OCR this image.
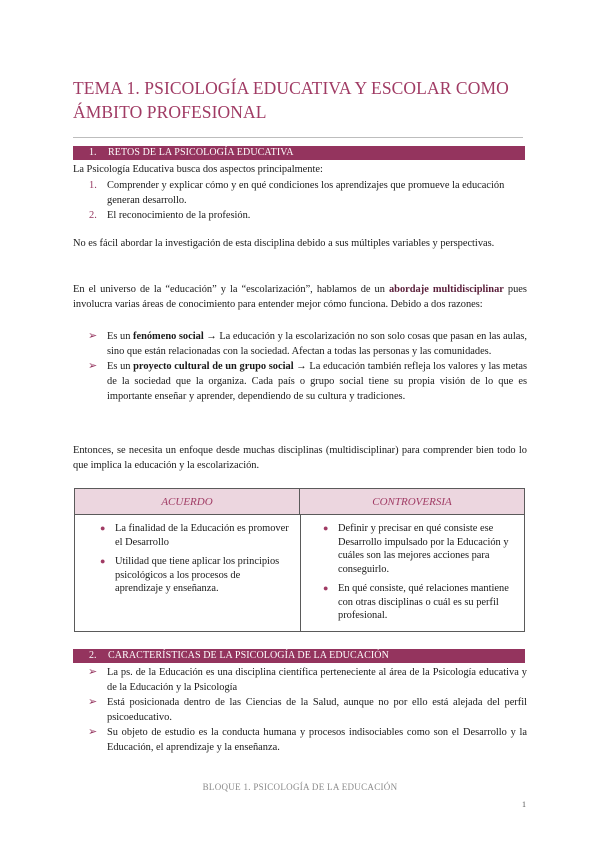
TEMA 1. PSICOLOGÍA EDUCATIVA Y ESCOLAR COMO ÁMBITO PROFESIONAL
1. RETOS DE LA PSICOLOGÍA EDUCATIVA

La Psicología Educativa busca dos aspectos principalmente:

1. Comprender y explicar cómo y en qué condiciones los aprendizajes que promueve la educación generan desarrollo.
2. El reconocimiento de la profesión.

No es fácil abordar la investigación de esta disciplina debido a sus múltiples variables y perspectivas.

En el universo de la “educación” y la “escolarización”, hablamos de un abordaje multidisciplinar pues involucra varias áreas de conocimiento para entender mejor cómo funciona. Debido a dos razones:

➢ Es un fenómeno social → La educación y la escolarización no son solo cosas que pasan en las aulas, sino que están relacionadas con la sociedad. Afectan a todas las personas y las comunidades.
➢ Es un proyecto cultural de un grupo social → La educación también refleja los valores y las metas de la sociedad que la organiza. Cada país o grupo social tiene su propia visión de lo que es importante enseñar y aprender, dependiendo de su cultura y tradiciones.

Entonces, se necesita un enfoque desde muchas disciplinas (multidisciplinar) para comprender bien todo lo que implica la educación y la escolarización.

ACUERDO	CONTROVERSIA
● La finalidad de la Educación es promover el Desarrollo
● Utilidad que tiene aplicar los principios psicológicos a los procesos de aprendizaje y enseñanza.
● Definir y precisar en qué consiste ese Desarrollo impulsado por la Educación y cuáles son las mejores acciones para conseguirlo.
● En qué consiste, qué relaciones mantiene con otras disciplinas o cuál es su perfil profesional.
2. CARACTERÍSTICAS DE LA PSICOLOGÍA DE LA EDUCACIÓN
➢ La ps. de la Educación es una disciplina científica perteneciente al área de la Psicología educativa y de la Educación y la Psicología
➢ Está posicionada dentro de las Ciencias de la Salud, aunque no por ello está alejada del perfil psicoeducativo.
➢ Su objeto de estudio es la conducta humana y procesos indisociables como son el Desarrollo y la Educación, el aprendizaje y la enseñanza.
BLOQUE 1. PSICOLOGÍA DE LA EDUCACIÓN
1
